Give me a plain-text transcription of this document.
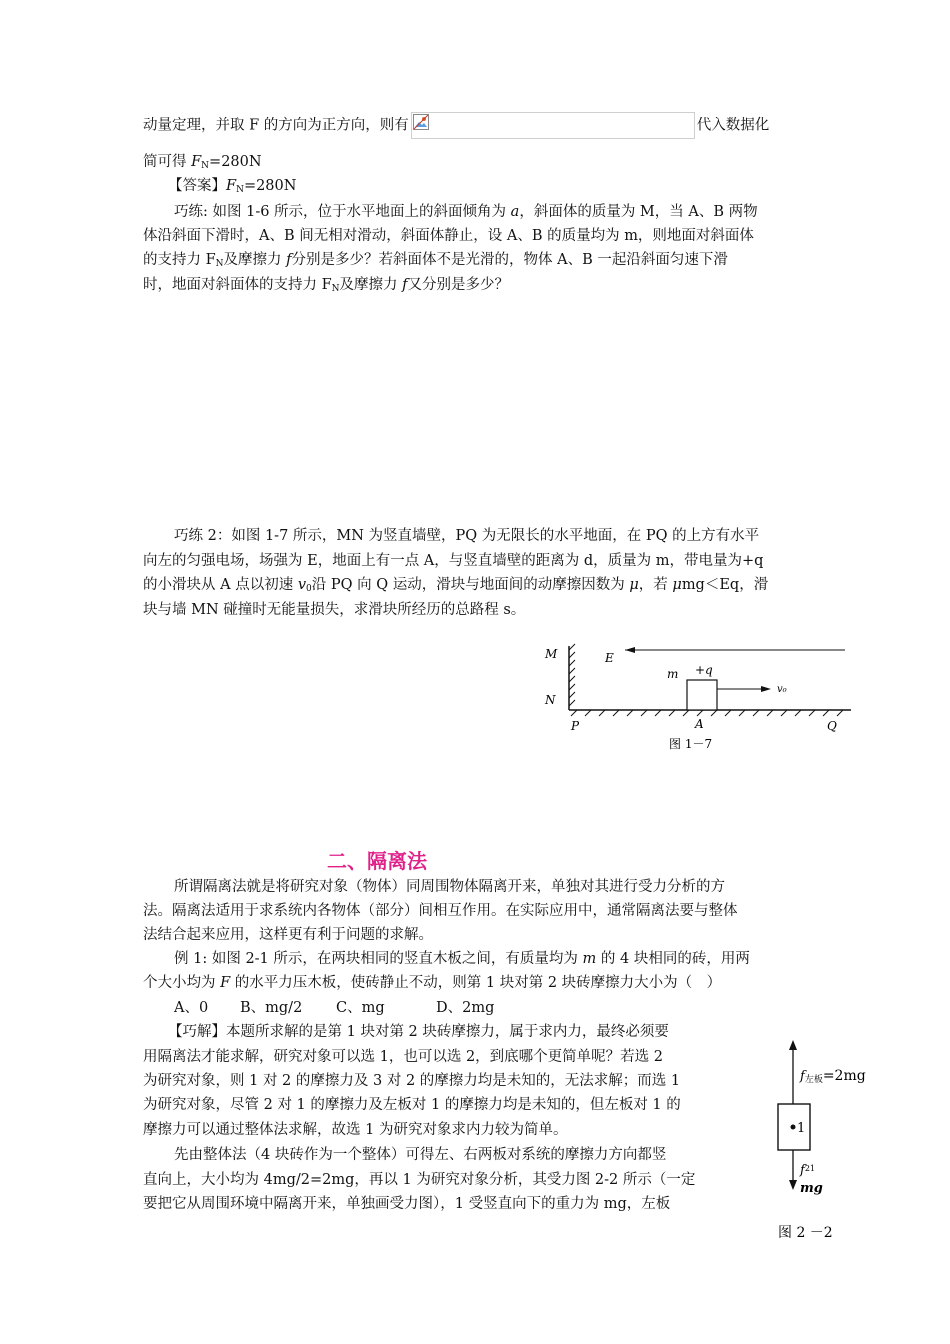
动量定理，并取 F 的方向为正方向，则有	代入数据化
简可得 $F_N=280N$
【答案】$F_N=280N$
巧练: 如图 1-6 所示，位于水平地面上的斜面倾角为 a，斜面体的质量为 M，当 A、B 两物
体沿斜面下滑时，A、B 间无相对滑动，斜面体静止，设 A、B 的质量均为 m，则地面对斜面体
的支持力 $F_N$及摩擦力 f分别是多少？若斜面体不是光滑的，物体 A、B 一起沿斜面匀速下滑
时，地面对斜面体的支持力 $F_N$及摩擦力 f又分别是多少？
巧练 2：如图 1-7 所示，MN 为竖直墙壁，PQ 为无限长的水平地面，在 PQ 的上方有水平
向左的匀强电场，场强为 E，地面上有一点 A，与竖直墙壁的距离为 d，质量为 m，带电量为+q
的小滑块从 A 点以初速 $v_0$沿 PQ 向 Q 运动，滑块与地面间的动摩擦因数为 μ，若 μmg＜Eq，滑
块与墙 MN 碰撞时无能量损失，求滑块所经历的总路程 s。
M
N
E
m +q
v₀
P	A	Q
图 1－7
二、隔离法
所谓隔离法就是将研究对象（物体）同周围物体隔离开来，单独对其进行受力分析的方
法。隔离法适用于求系统内各物体（部分）间相互作用。在实际应用中，通常隔离法要与整体
法结合起来应用，这样更有利于问题的求解。
例 1: 如图 2-1 所示，在两块相同的竖直木板之间，有质量均为 m 的 4 块相同的砖，用两
个大小均为 F 的水平力压木板，使砖静止不动，则第 1 块对第 2 块砖摩擦力大小为（　）
A、0 B、mg/2 C、mg	D、2mg
【巧解】本题所求解的是第 1 块对第 2 块砖摩擦力，属于求内力，最终必须要
用隔离法才能求解，研究对象可以选 1，也可以选 2，到底哪个更简单呢？若选 2
为研究对象，则 1 对 2 的摩擦力及 3 对 2 的摩擦力均是未知的，无法求解；而选 1
为研究对象，尽管 2 对 1 的摩擦力及左板对 1 的摩擦力均是未知的，但左板对 1 的
摩擦力可以通过整体法求解，故选 1 为研究对象求内力较为简单。
先由整体法（4 块砖作为一个整体）可得左、右两板对系统的摩擦力方向都竖
直向上，大小均为 4mg/2=2mg，再以 1 为研究对象分析，其受力图 2-2 所示（一定
要把它从周围环境中隔离开来，单独画受力图），1 受竖直向下的重力为 mg，左板
1
f左板=2mg
$f^{21}$
mg
图 2 －2
